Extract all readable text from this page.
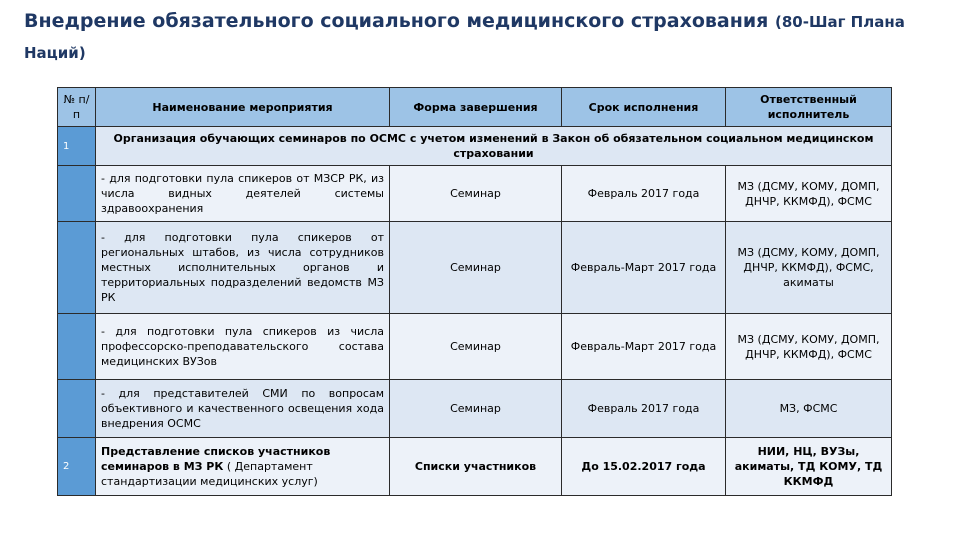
Внедрение обязательного социального медицинского страхования (80-Шаг Плана Наций)
№ п/п	Наименование мероприятия	Форма завершения	Срок исполнения	Ответственный исполнитель
1	Организация обучающих семинаров по ОСМС с учетом изменений в Закон об обязательном социальном медицинском страховании			
	- для подготовки пула спикеров от МЗСР РК, из числа видных деятелей системы здравоохранения	Семинар	Февраль 2017 года	МЗ (ДСМУ, КОМУ, ДОМП, ДНЧР, ККМФД), ФСМС
	- для подготовки пула спикеров от региональных штабов, из числа сотрудников местных исполнительных органов и территориальных подразделений ведомств МЗ РК	Семинар	Февраль-Март 2017 года	МЗ (ДСМУ, КОМУ, ДОМП, ДНЧР, ККМФД), ФСМС, акиматы
	- для подготовки пула спикеров из числа профессорско-преподавательского состава медицинских ВУЗов	Семинар	Февраль-Март 2017 года	МЗ (ДСМУ, КОМУ, ДОМП, ДНЧР, ККМФД), ФСМС
	- для представителей СМИ по вопросам объективного и качественного освещения хода внедрения ОСМС	Семинар	Февраль 2017 года	МЗ, ФСМС
2	Представление списков участников семинаров в МЗ РК ( Департамент стандартизации медицинских услуг)	Списки участников	До 15.02.2017 года	НИИ, НЦ, ВУЗы, акиматы, ТД КОМУ, ТД ККМФД
